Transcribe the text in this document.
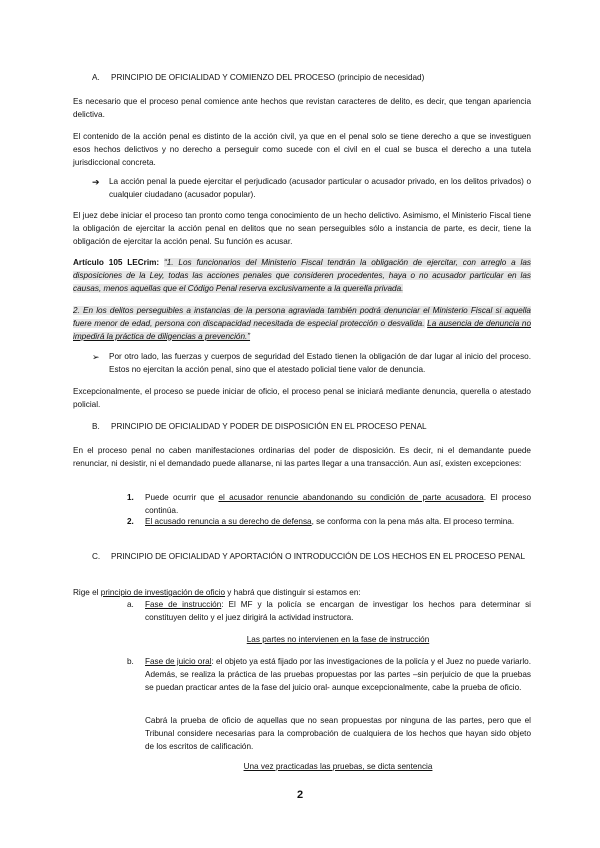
A. PRINCIPIO DE OFICIALIDAD Y COMIENZO DEL PROCESO (principio de necesidad)

Es necesario que el proceso penal comience ante hechos que revistan caracteres de delito, es decir, que tengan apariencia delictiva.

El contenido de la acción penal es distinto de la acción civil, ya que en el penal solo se tiene derecho a que se investiguen esos hechos delictivos y no derecho a perseguir como sucede con el civil en el cual se busca el derecho a una tutela jurisdiccional concreta.

➔ La acción penal la puede ejercitar el perjudicado (acusador particular o acusador privado, en los delitos privados) o cualquier ciudadano (acusador popular).

El juez debe iniciar el proceso tan pronto como tenga conocimiento de un hecho delictivo. Asimismo, el Ministerio Fiscal tiene la obligación de ejercitar la acción penal en delitos que no sean perseguibles sólo a instancia de parte, es decir, tiene la obligación de ejercitar la acción penal. Su función es acusar.

Artículo 105 LECrim: “1. Los funcionarios del Ministerio Fiscal tendrán la obligación de ejercitar, con arreglo a las disposiciones de la Ley, todas las acciones penales que consideren procedentes, haya o no acusador particular en las causas, menos aquellas que el Código Penal reserva exclusivamente a la querella privada.

2. En los delitos perseguibles a instancias de la persona agraviada también podrá denunciar el Ministerio Fiscal si aquella fuere menor de edad, persona con discapacidad necesitada de especial protección o desvalida. La ausencia de denuncia no impedirá la práctica de diligencias a prevención.”

➢ Por otro lado, las fuerzas y cuerpos de seguridad del Estado tienen la obligación de dar lugar al inicio del proceso. Estos no ejercitan la acción penal, sino que el atestado policial tiene valor de denuncia.

Excepcionalmente, el proceso se puede iniciar de oficio, el proceso penal se iniciará mediante denuncia, querella o atestado policial.

B. PRINCIPIO DE OFICIALIDAD Y PODER DE DISPOSICIÓN EN EL PROCESO PENAL

En el proceso penal no caben manifestaciones ordinarias del poder de disposición. Es decir, ni el demandante puede renunciar, ni desistir, ni el demandado puede allanarse, ni las partes llegar a una transacción. Aun así, existen excepciones:

1. Puede ocurrir que el acusador renuncie abandonando su condición de parte acusadora. El proceso continúa.

2. El acusado renuncia a su derecho de defensa, se conforma con la pena más alta. El proceso termina.

C. PRINCIPIO DE OFICIALIDAD Y APORTACIÓN O INTRODUCCIÓN DE LOS HECHOS EN EL PROCESO PENAL

Rige el principio de investigación de oficio y habrá que distinguir si estamos en:

a. Fase de instrucción: El MF y la policía se encargan de investigar los hechos para determinar si constituyen delito y el juez dirigirá la actividad instructora.

Las partes no intervienen en la fase de instrucción
b. Fase de juicio oral: el objeto ya está fijado por las investigaciones de la policía y el Juez no puede variarlo. Además, se realiza la práctica de las pruebas propuestas por las partes –sin perjuicio de que la pruebas se puedan practicar antes de la fase del juicio oral- aunque excepcionalmente, cabe la prueba de oficio.

Cabrá la prueba de oficio de aquellas que no sean propuestas por ninguna de las partes, pero que el Tribunal considere necesarias para la comprobación de cualquiera de los hechos que hayan sido objeto de los escritos de calificación.

Una vez practicadas las pruebas, se dicta sentencia
2
